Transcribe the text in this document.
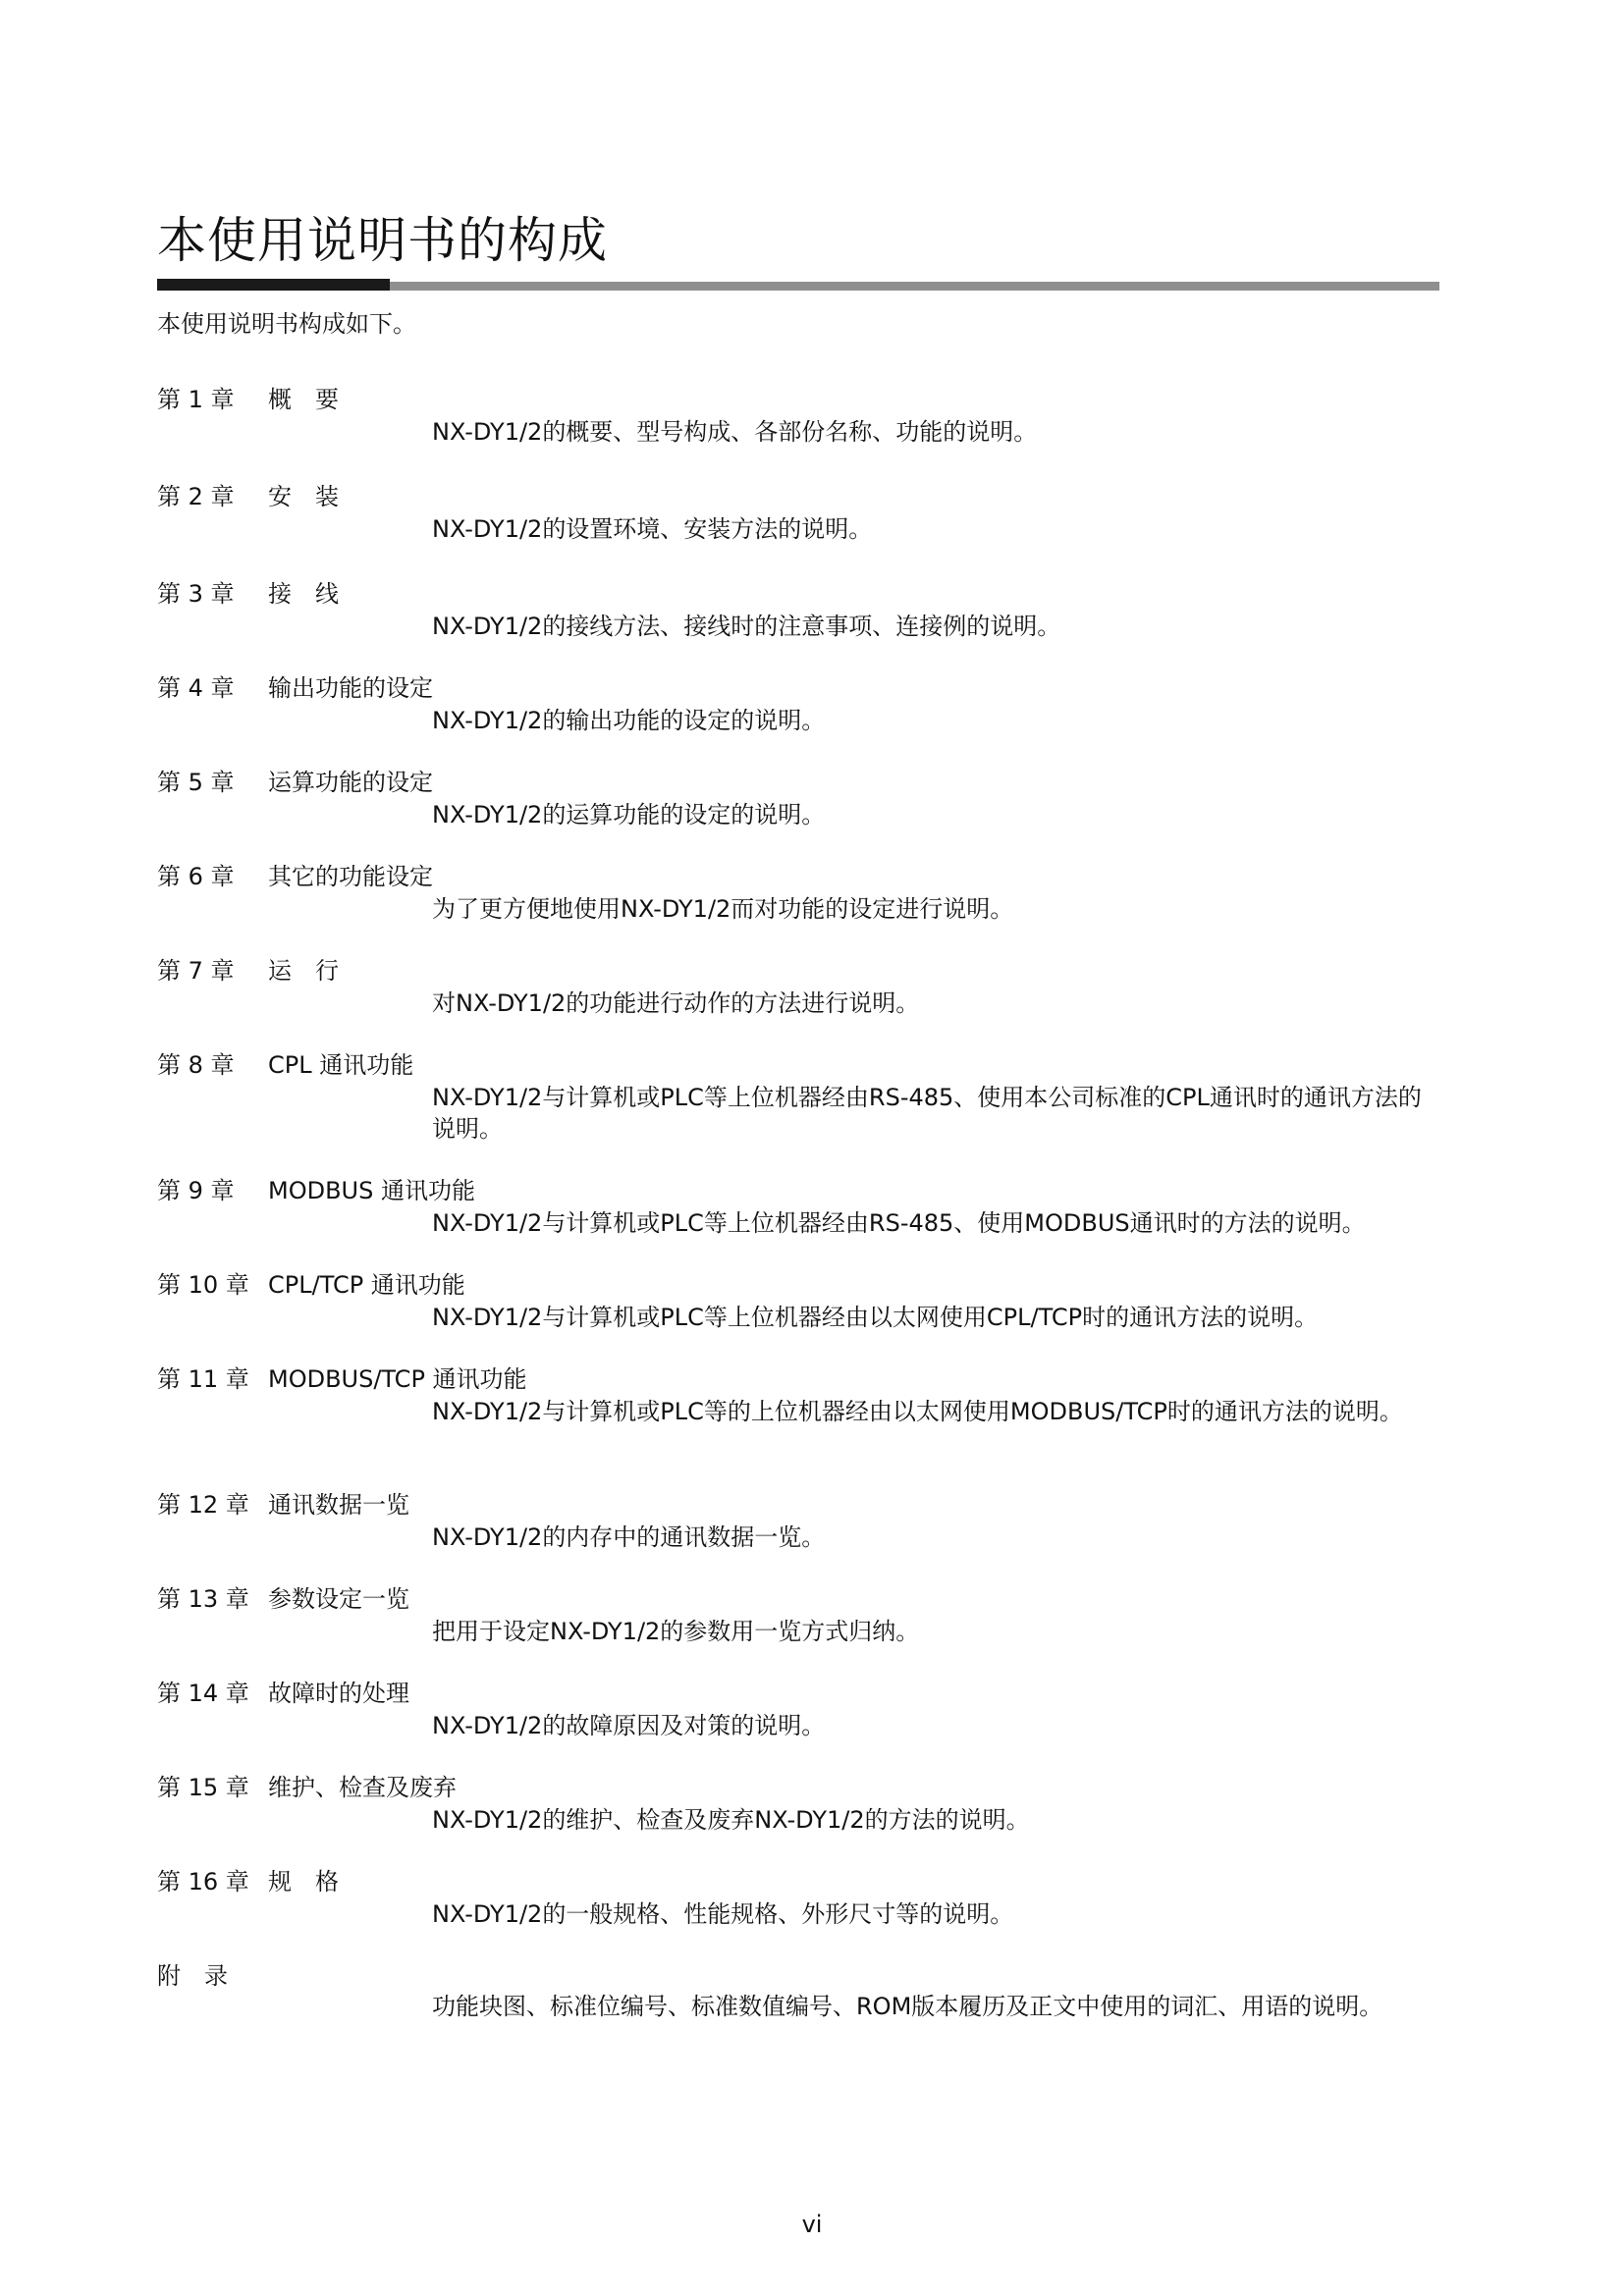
本使用说明书的构成

本使用说明书构成如下。

第 1 章	概　要
NX-DY1/2的概要、型号构成、各部份名称、功能的说明。
第 2 章	安　装
NX-DY1/2的设置环境、安装方法的说明。
第 3 章	接　线
NX-DY1/2的接线方法、接线时的注意事项、连接例的说明。
第 4 章	输出功能的设定
NX-DY1/2的输出功能的设定的说明。
第 5 章	运算功能的设定
NX-DY1/2的运算功能的设定的说明。
第 6 章	其它的功能设定
为了更方便地使用NX-DY1/2而对功能的设定进行说明。
第 7 章	运　行
对NX-DY1/2的功能进行动作的方法进行说明。
第 8 章	CPL 通讯功能
NX-DY1/2与计算机或PLC等上位机器经由RS-485、使用本公司标准的CPL通讯时的通讯方法的说明。
第 9 章	MODBUS 通讯功能
NX-DY1/2与计算机或PLC等上位机器经由RS-485、使用MODBUS通讯时的方法的说明。
第 10 章 CPL/TCP 通讯功能
NX-DY1/2与计算机或PLC等上位机器经由以太网使用CPL/TCP时的通讯方法的说明。
第 11 章 MODBUS/TCP 通讯功能
NX-DY1/2与计算机或PLC等的上位机器经由以太网使用MODBUS/TCP时的通讯方法的说明。
第 12 章 通讯数据一览
NX-DY1/2的内存中的通讯数据一览。
第 13 章 参数设定一览
把用于设定NX-DY1/2的参数用一览方式归纳。
第 14 章 故障时的处理
NX-DY1/2的故障原因及对策的说明。
第 15 章 维护、检查及废弃
NX-DY1/2的维护、检查及废弃NX-DY1/2的方法的说明。
第 16 章 规　格
NX-DY1/2的一般规格、性能规格、外形尺寸等的说明。
附　录
功能块图、标准位编号、标准数值编号、ROM版本履历及正文中使用的词汇、用语的说明。
vi
